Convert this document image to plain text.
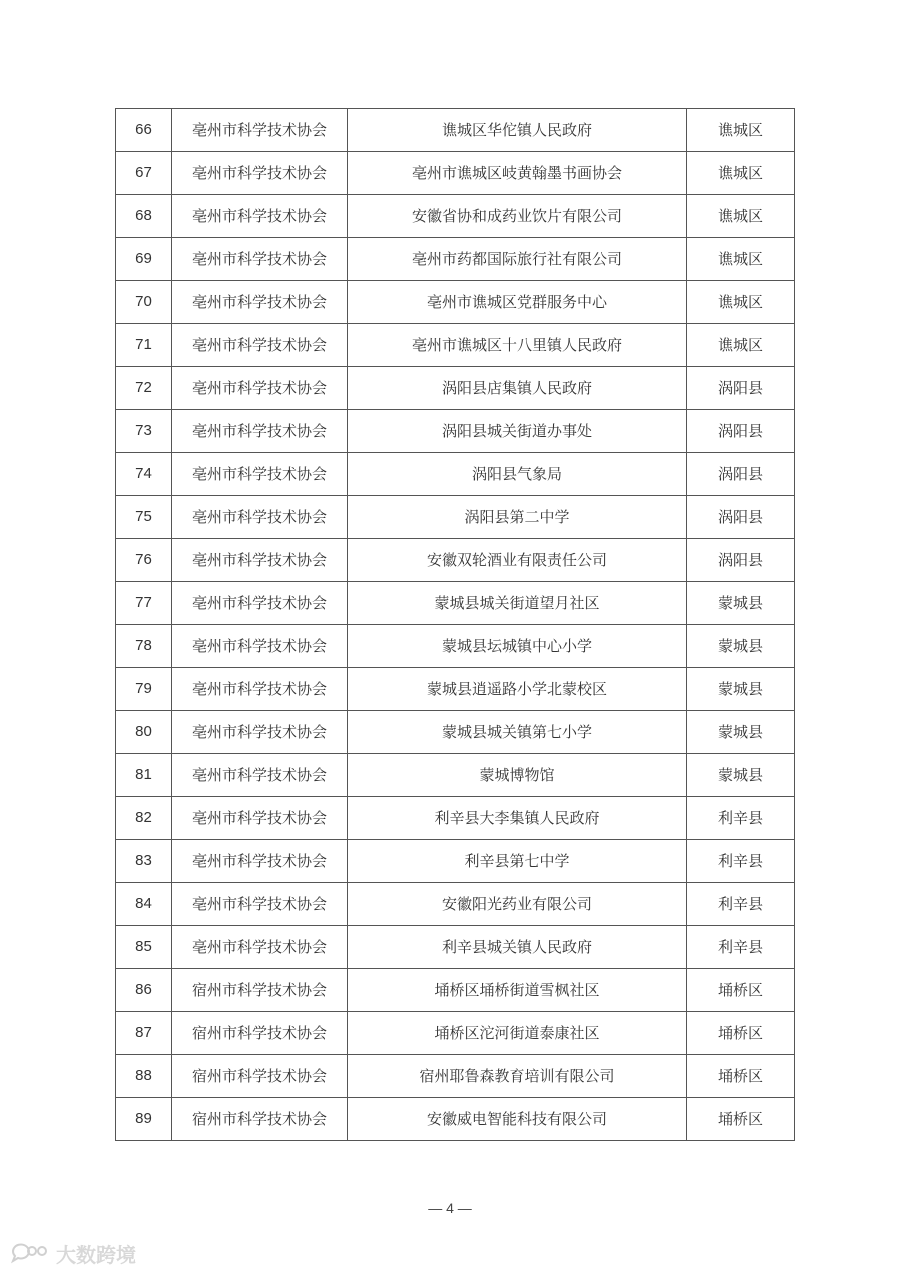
66	亳州市科学技术协会	谯城区华佗镇人民政府	谯城区
67	亳州市科学技术协会	亳州市谯城区岐黄翰墨书画协会	谯城区
68	亳州市科学技术协会	安徽省协和成药业饮片有限公司	谯城区
69	亳州市科学技术协会	亳州市药都国际旅行社有限公司	谯城区
70	亳州市科学技术协会	亳州市谯城区党群服务中心	谯城区
71	亳州市科学技术协会	亳州市谯城区十八里镇人民政府	谯城区
72	亳州市科学技术协会	涡阳县店集镇人民政府	涡阳县
73	亳州市科学技术协会	涡阳县城关街道办事处	涡阳县
74	亳州市科学技术协会	涡阳县气象局	涡阳县
75	亳州市科学技术协会	涡阳县第二中学	涡阳县
76	亳州市科学技术协会	安徽双轮酒业有限责任公司	涡阳县
77	亳州市科学技术协会	蒙城县城关街道望月社区	蒙城县
78	亳州市科学技术协会	蒙城县坛城镇中心小学	蒙城县
79	亳州市科学技术协会	蒙城县逍遥路小学北蒙校区	蒙城县
80	亳州市科学技术协会	蒙城县城关镇第七小学	蒙城县
81	亳州市科学技术协会	蒙城博物馆	蒙城县
82	亳州市科学技术协会	利辛县大李集镇人民政府	利辛县
83	亳州市科学技术协会	利辛县第七中学	利辛县
84	亳州市科学技术协会	安徽阳光药业有限公司	利辛县
85	亳州市科学技术协会	利辛县城关镇人民政府	利辛县
86	宿州市科学技术协会	埇桥区埇桥街道雪枫社区	埇桥区
87	宿州市科学技术协会	埇桥区沱河街道泰康社区	埇桥区
88	宿州市科学技术协会	宿州耶鲁森教育培训有限公司	埇桥区
89	宿州市科学技术协会	安徽威电智能科技有限公司	埇桥区
— 4 —
大数跨境
